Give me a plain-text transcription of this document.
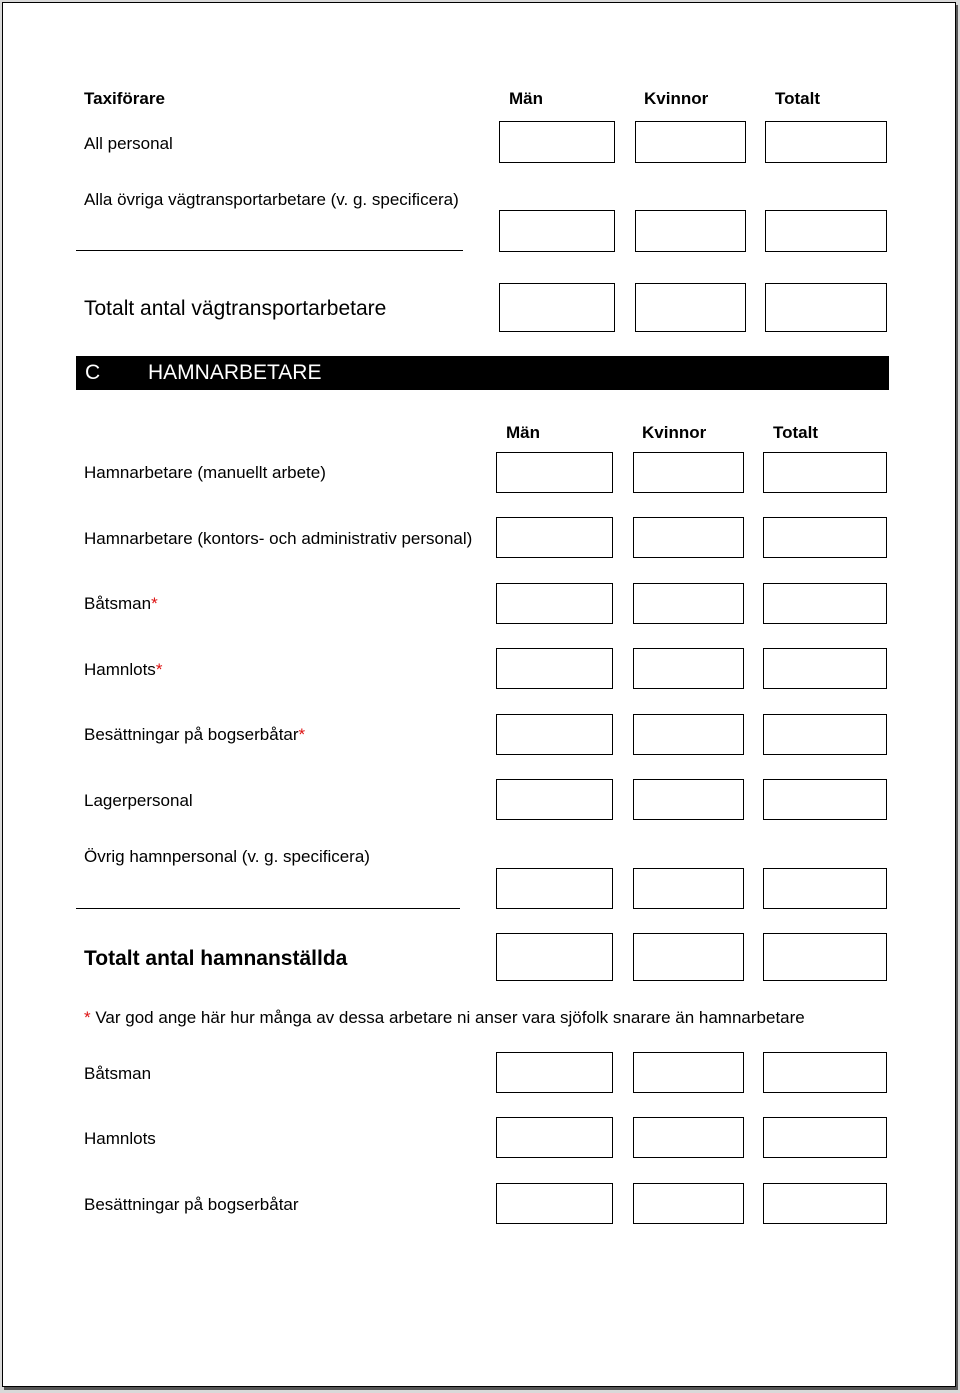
Taxiförare	Män	Kvinnor	Totalt
All personal
Alla övriga vägtransportarbetare (v. g. specificera)
Totalt antal vägtransportarbetare
C HAMNARBETARE
Män	Kvinnor	Totalt
Hamnarbetare (manuellt arbete)
Hamnarbetare (kontors- och administrativ personal)
Båtsman*
Hamnlots*
Besättningar på bogserbåtar*
Lagerpersonal
Övrig hamnpersonal (v. g. specificera)
Totalt antal hamnanställda
* Var god ange här hur många av dessa arbetare ni anser vara sjöfolk snarare än hamnarbetare
Båtsman
Hamnlots
Besättningar på bogserbåtar
